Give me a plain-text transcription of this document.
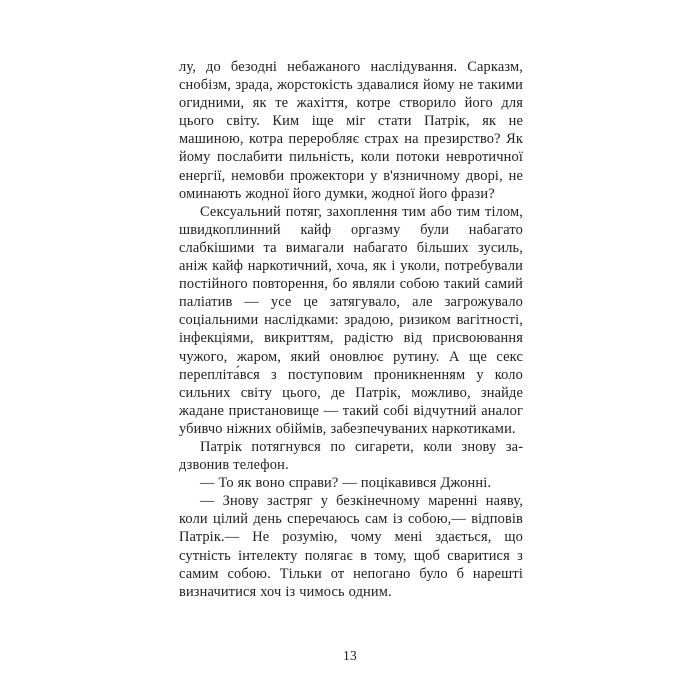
лу, до безодні небажаного наслідування. Сарказм, снобізм, зрада, жорстокість здавалися йому не такими огидними, як те жахіття, котре створило його для цього світу. Ким іще міг стати Патрік, як не машиною, котра переробляє страх на презирство? Як йому послабити пильність, коли потоки невротичної енергії, немовби прожектори у в'язничному дворі, не оминають жодної його думки, жодної його фрази?

Сексуальний потяг, захоплення тим або тим тілом, швидкоплинний кайф оргазму були набагато слабкішими та вимагали набагато більших зусиль, аніж кайф наркотичний, хоча, як і уколи, потребували постійного повторення, бо являли собою такий самий паліатив — усе це затягувало, але загрожувало соціальними наслідками: зрадою, ризиком вагітності, інфекціями, викриттям, радістю від присвоювання чужого, жаром, який оновлює рутину. А ще секс перепліта́вся з поступовим проникненням у коло сильних світу цього, де Патрік, можливо, знайде жадане пристановище — такий собі відчутний аналог убивчо ніжних обіймів, забезпечуваних наркотиками.

Патрік потягнувся по сигарети, коли знову задзвонив телефон.

— То як воно справи? — поцікавився Джонні.

— Знову застряг у безкінечному маренні наяву, коли цілий день сперечаюсь сам із собою,— відповів Патрік.— Не розумію, чому мені здається, що сутність інтелекту полягає в тому, щоб сваритися з самим собою. Тільки от непогано було б нарешті визначитися хоч із чимось одним.

13
